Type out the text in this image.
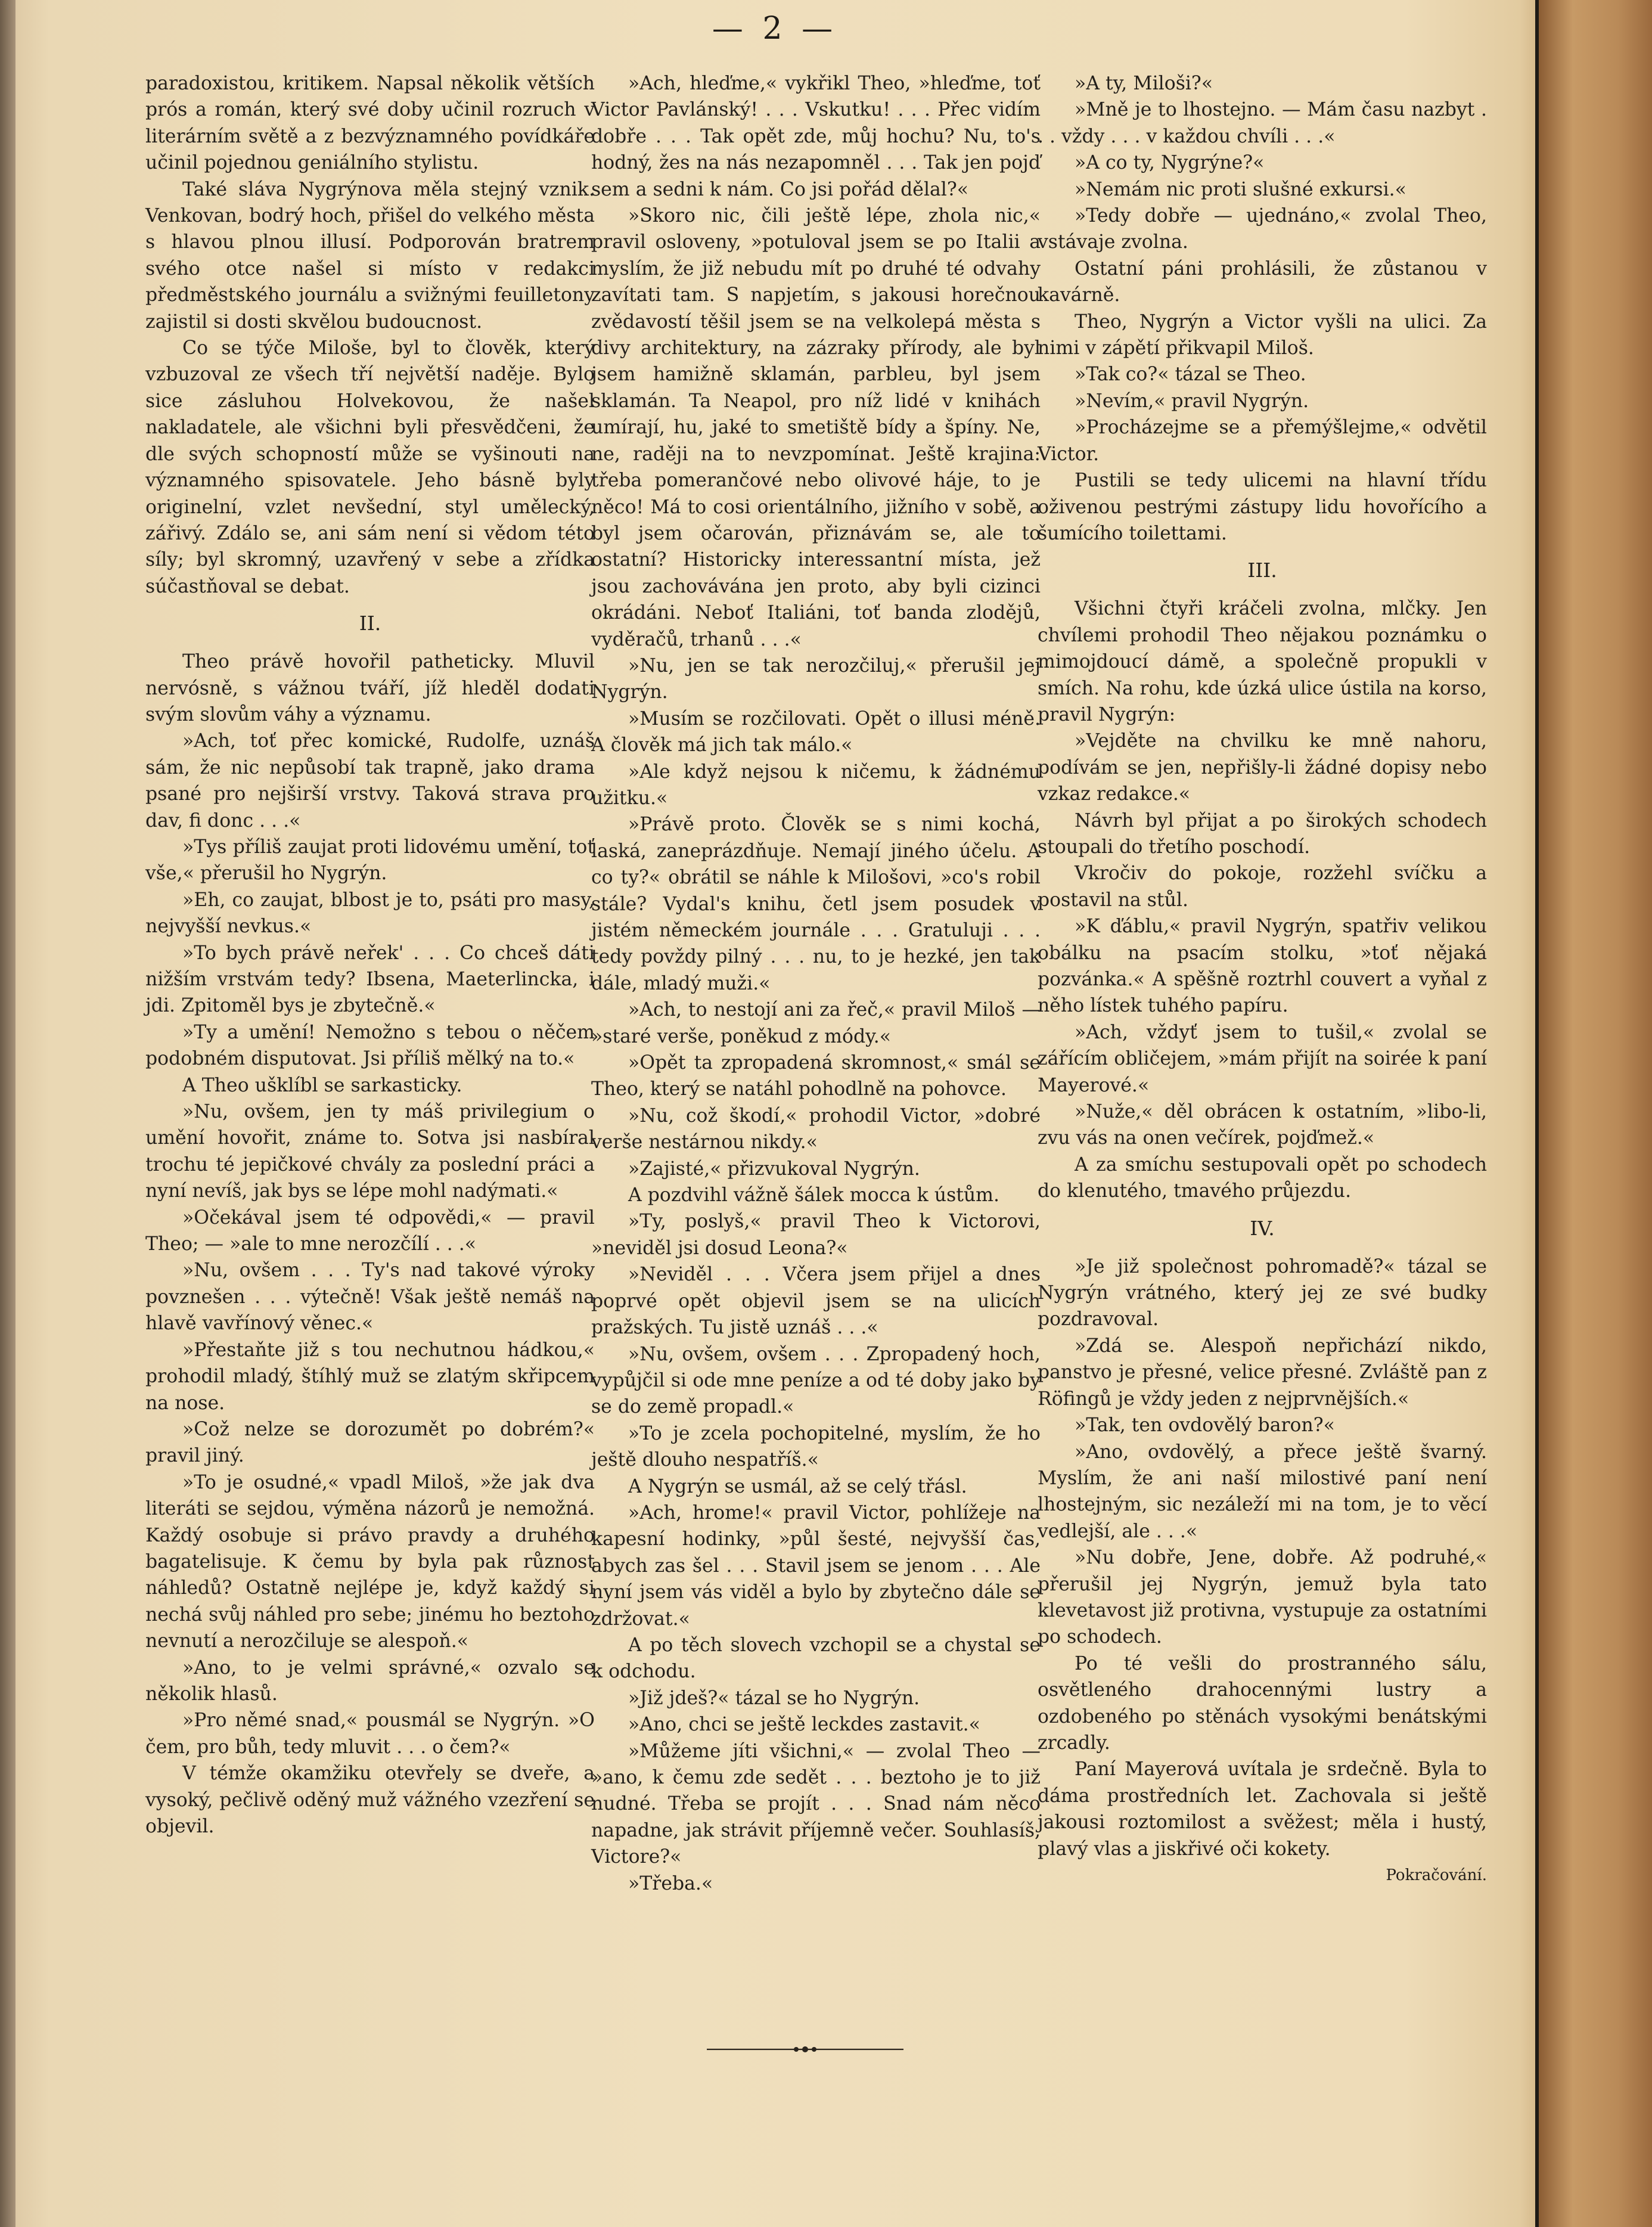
— 2 —

paradoxistou, kritikem. Napsal několik větších prós a román, který své doby učinil rozruch v literárním světě a z bezvýznamného povídkáře učinil pojednou geniálního stylistu.

Také sláva Nygrýnova měla stejný vznik. Venkovan, bodrý hoch, přišel do velkého města s hlavou plnou illusí. Podporován bratrem svého otce našel si místo v redakci předměstského journálu a svižnými feuilletony zajistil si dosti skvělou budoucnost.

Co se týče Miloše, byl to člověk, který vzbuzoval ze všech tří největší naděje. Bylo sice zásluhou Holvekovou, že našel nakladatele, ale všichni byli přesvědčeni, že dle svých schopností může se vyšinouti na významného spisovatele. Jeho básně byly originelní, vzlet nevšední, styl umělecký, zářivý. Zdálo se, ani sám není si vědom této síly; byl skromný, uzavřený v sebe a zřídka súčastňoval se debat.

II.

Theo právě hovořil patheticky. Mluvil nervósně, s vážnou tváří, jíž hleděl dodati svým slovům váhy a významu.

»Ach, toť přec komické, Rudolfe, uznáš sám, že nic nepůsobí tak trapně, jako drama psané pro nejširší vrstvy. Taková strava pro dav, fi donc . . .«

»Tys příliš zaujat proti lidovému umění, toť vše,« přerušil ho Nygrýn.

»Eh, co zaujat, blbost je to, psáti pro masy, nejvyšší nevkus.«

»To bych právě neřek' . . . Co chceš dáti nižším vrstvám tedy? Ibsena, Maeterlincka, i jdi. Zpitoměl bys je zbytečně.«

»Ty a umění! Nemožno s tebou o něčem podobném disputovat. Jsi příliš mělký na to.«

A Theo ušklíbl se sarkasticky.

»Nu, ovšem, jen ty máš privilegium o umění hovořit, známe to. Sotva jsi nasbíral trochu té jepičkové chvály za poslední práci a nyní nevíš, jak bys se lépe mohl nadýmati.«

»Očekával jsem té odpovědi,« — pravil Theo; — »ale to mne nerozčílí . . .«

»Nu, ovšem . . . Ty's nad takové výroky povznešen . . . výtečně! Však ještě nemáš na hlavě vavřínový věnec.«

»Přestaňte již s tou nechutnou hádkou,« prohodil mladý, štíhlý muž se zlatým skřipcem na nose.

»Což nelze se dorozumět po dobrém?« pravil jiný.

»To je osudné,« vpadl Miloš, »že jak dva literáti se sejdou, výměna názorů je nemožná. Každý osobuje si právo pravdy a druhého bagatelisuje. K čemu by byla pak různost náhledů? Ostatně nejlépe je, když každý si nechá svůj náhled pro sebe; jinému ho beztoho nevnutí a nerozčiluje se alespoň.«

»Ano, to je velmi správné,« ozvalo se několik hlasů.

»Pro němé snad,« pousmál se Nygrýn. »O čem, pro bůh, tedy mluvit . . . o čem?«

V témže okamžiku otevřely se dveře, a vysoký, pečlivě oděný muž vážného vzezření se objevil.

»Ach, hleďme,« vykřikl Theo, »hleďme, toť Victor Pavlánský! . . . Vskutku! . . . Přec vidím dobře . . . Tak opět zde, můj hochu? Nu, to's hodný, žes na nás nezapomněl . . . Tak jen pojď sem a sedni k nám. Co jsi pořád dělal?«

»Skoro nic, čili ještě lépe, zhola nic,« pravil osloveny, »potuloval jsem se po Italii a myslím, že již nebudu mít po druhé té odvahy zavítati tam. S napjetím, s jakousi horečnou zvědavostí těšil jsem se na velkolepá města s divy architektury, na zázraky přírody, ale byl jsem hamižně sklamán, parbleu, byl jsem sklamán. Ta Neapol, pro níž lidé v knihách umírají, hu, jaké to smetiště bídy a špíny. Ne, ne, raději na to nevzpomínat. Ještě krajina: třeba pomerančové nebo olivové háje, to je něco! Má to cosi orientálního, jižního v sobě, a byl jsem očarován, přiznávám se, ale to ostatní? Historicky interessantní místa, jež jsou zachovávána jen proto, aby byli cizinci okrádáni. Neboť Italiáni, toť banda zlodějů, vyděračů, trhanů . . .«

»Nu, jen se tak nerozčiluj,« přerušil jej Nygrýn.

»Musím se rozčilovati. Opět o illusi méně. A člověk má jich tak málo.«

»Ale když nejsou k ničemu, k žádnému užitku.«

»Právě proto. Člověk se s nimi kochá, laská, zaneprázdňuje. Nemají jiného účelu. A co ty?« obrátil se náhle k Milošovi, »co's robil stále? Vydal's knihu, četl jsem posudek v jistém německém journále . . . Gratuluji . . . tedy povždy pilný . . . nu, to je hezké, jen tak dále, mladý muži.«

»Ach, to nestojí ani za řeč,« pravil Miloš — »staré verše, poněkud z módy.«

»Opět ta zpropadená skromnost,« smál se Theo, který se natáhl pohodlně na pohovce.

»Nu, což škodí,« prohodil Victor, »dobré verše nestárnou nikdy.«

»Zajisté,« přizvukoval Nygrýn.

A pozdvihl vážně šálek mocca k ústům.

»Ty, poslyš,« pravil Theo k Victorovi, »neviděl jsi dosud Leona?«

»Neviděl . . . Včera jsem přijel a dnes poprvé opět objevil jsem se na ulicích pražských. Tu jistě uznáš . . .«

»Nu, ovšem, ovšem . . . Zpropadený hoch, vypůjčil si ode mne peníze a od té doby jako by se do země propadl.«

»To je zcela pochopitelné, myslím, že ho ještě dlouho nespatříš.«

A Nygrýn se usmál, až se celý třásl.

»Ach, hrome!« pravil Victor, pohlížeje na kapesní hodinky, »půl šesté, nejvyšší čas, abych zas šel . . . Stavil jsem se jenom . . . Ale nyní jsem vás viděl a bylo by zbytečno dále se zdržovat.«

A po těch slovech vzchopil se a chystal se k odchodu.

»Již jdeš?« tázal se ho Nygrýn.

»Ano, chci se ještě leckdes zastavit.«

»Můžeme jíti všichni,« — zvolal Theo — »ano, k čemu zde sedět . . . beztoho je to již nudné. Třeba se projít . . . Snad nám něco napadne, jak strávit příjemně večer. Souhlasíš, Victore?«

»Třeba.«

»A ty, Miloši?«

»Mně je to lhostejno. — Mám času nazbyt . . . vždy . . . v každou chvíli . . .«

»A co ty, Nygrýne?«

»Nemám nic proti slušné exkursi.«

»Tedy dobře — ujednáno,« zvolal Theo, vstávaje zvolna.

Ostatní páni prohlásili, že zůstanou v kavárně.

Theo, Nygrýn a Victor vyšli na ulici. Za nimi v zápětí přikvapil Miloš.

»Tak co?« tázal se Theo.

»Nevím,« pravil Nygrýn.

»Procházejme se a přemýšlejme,« odvětil Victor.

Pustili se tedy ulicemi na hlavní třídu oživenou pestrými zástupy lidu hovořícího a šumícího toilettami.

III.

Všichni čtyři kráčeli zvolna, mlčky. Jen chvílemi prohodil Theo nějakou poznámku o mimojdoucí dámě, a společně propukli v smích. Na rohu, kde úzká ulice ústila na korso, pravil Nygrýn:

»Vejděte na chvilku ke mně nahoru, podívám se jen, nepřišly-li žádné dopisy nebo vzkaz redakce.«

Návrh byl přijat a po širokých schodech stoupali do třetího poschodí.

Vkročiv do pokoje, rozžehl svíčku a postavil na stůl.

»K ďáblu,« pravil Nygrýn, spatřiv velikou obálku na psacím stolku, »toť nějaká pozvánka.« A spěšně roztrhl couvert a vyňal z něho lístek tuhého papíru.

»Ach, vždyť jsem to tušil,« zvolal se zářícím obličejem, »mám přijít na soirée k paní Mayerové.«

»Nuže,« děl obrácen k ostatním, »libo-li, zvu vás na onen večírek, pojďmež.«

A za smíchu sestupovali opět po schodech do klenutého, tmavého průjezdu.

IV.

»Je již společnost pohromadě?« tázal se Nygrýn vrátného, který jej ze své budky pozdravoval.

»Zdá se. Alespoň nepřichází nikdo, panstvo je přesné, velice přesné. Zvláště pan z Röfingů je vždy jeden z nejprvnějších.«

»Tak, ten ovdovělý baron?«

»Ano, ovdovělý, a přece ještě švarný. Myslím, že ani naší milostivé paní není lhostejným, sic nezáleží mi na tom, je to věcí vedlejší, ale . . .«

»Nu dobře, Jene, dobře. Až podruhé,« přerušil jej Nygrýn, jemuž byla tato klevetavost již protivna, vystupuje za ostatními po schodech.

Po té vešli do prostranného sálu, osvětleného drahocennými lustry a ozdobeného po stěnách vysokými benátskými zrcadly.

Paní Mayerová uvítala je srdečně. Byla to dáma prostředních let. Zachovala si ještě jakousi roztomilost a svěžest; měla i hustý, plavý vlas a jiskřivé oči kokety.

Pokračování.
